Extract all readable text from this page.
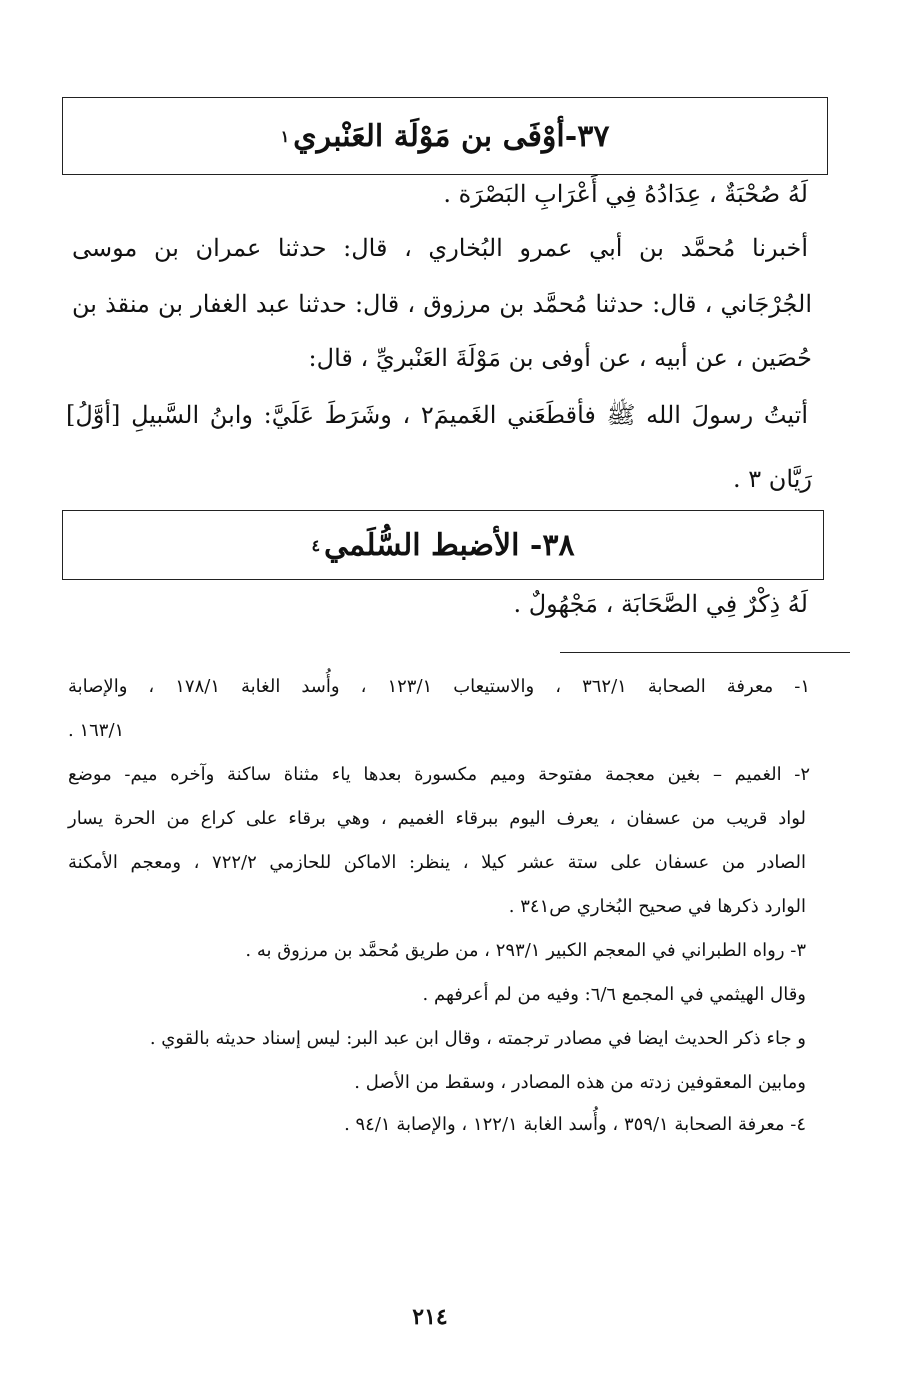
٣٧-أوْفَى بن مَوْلَة العَنْبري
١
لَهُ صُحْبَةٌ ، عِدَادُهُ فِي أَعْرَابِ البَصْرَة .
أخبرنا مُحمَّد بن أبي عمرو البُخاري ، قال: حدثنا عمران بن موسى
الجُرْجَاني ، قال: حدثنا مُحمَّد بن مرزوق ، قال: حدثنا عبد الغفار بن منقذ بن
حُصَين ، عن أبيه ، عن أوفى بن مَوْلَةَ العَنْبريِّ ، قال:
أتيتُ رسولَ الله ﷺ فأقطَعَني الغَميمَ٢ ، وشَرَطَ عَلَيَّ: وابنُ السَّبيلِ [أوَّلُ]
رَيَّان ٣ .
٣٨- الأضبط السُّلَمي
٤
لَهُ ذِكْرٌ فِي الصَّحَابَة ، مَجْهُولٌ .
١- معرفة الصحابة ٣٦٢/١ ، والاستيعاب ١٢٣/١ ، وأُسد الغابة ١٧٨/١ ، والإصابة
١٦٣/١ .
٢- الغميم – بغين معجمة مفتوحة وميم مكسورة بعدها ياء مثناة ساكنة وآخره ميم- موضع
لواد قريب من عسفان ، يعرف اليوم ببرقاء الغميم ، وهي برقاء على كراع من الحرة يسار
الصادر من عسفان على ستة عشر كيلا ، ينظر: الاماكن للحازمي ٧٢٢/٢ ، ومعجم الأمكنة
الوارد ذكرها في صحيح البُخاري ص٣٤١ .
٣- رواه الطبراني في المعجم الكبير ٢٩٣/١ ، من طريق مُحمَّد بن مرزوق به .
وقال الهيثمي في المجمع ٦/٦: وفيه من لم أعرفهم .
و جاء ذكر الحديث ايضا في مصادر ترجمته ، وقال ابن عبد البر: ليس إسناد حديثه بالقوي .
ومابين المعقوفين زدته من هذه المصادر ، وسقط من الأصل .
٤- معرفة الصحابة ٣٥٩/١ ، وأُسد الغابة ١٢٢/١ ، والإصابة ٩٤/١ .
٢١٤
